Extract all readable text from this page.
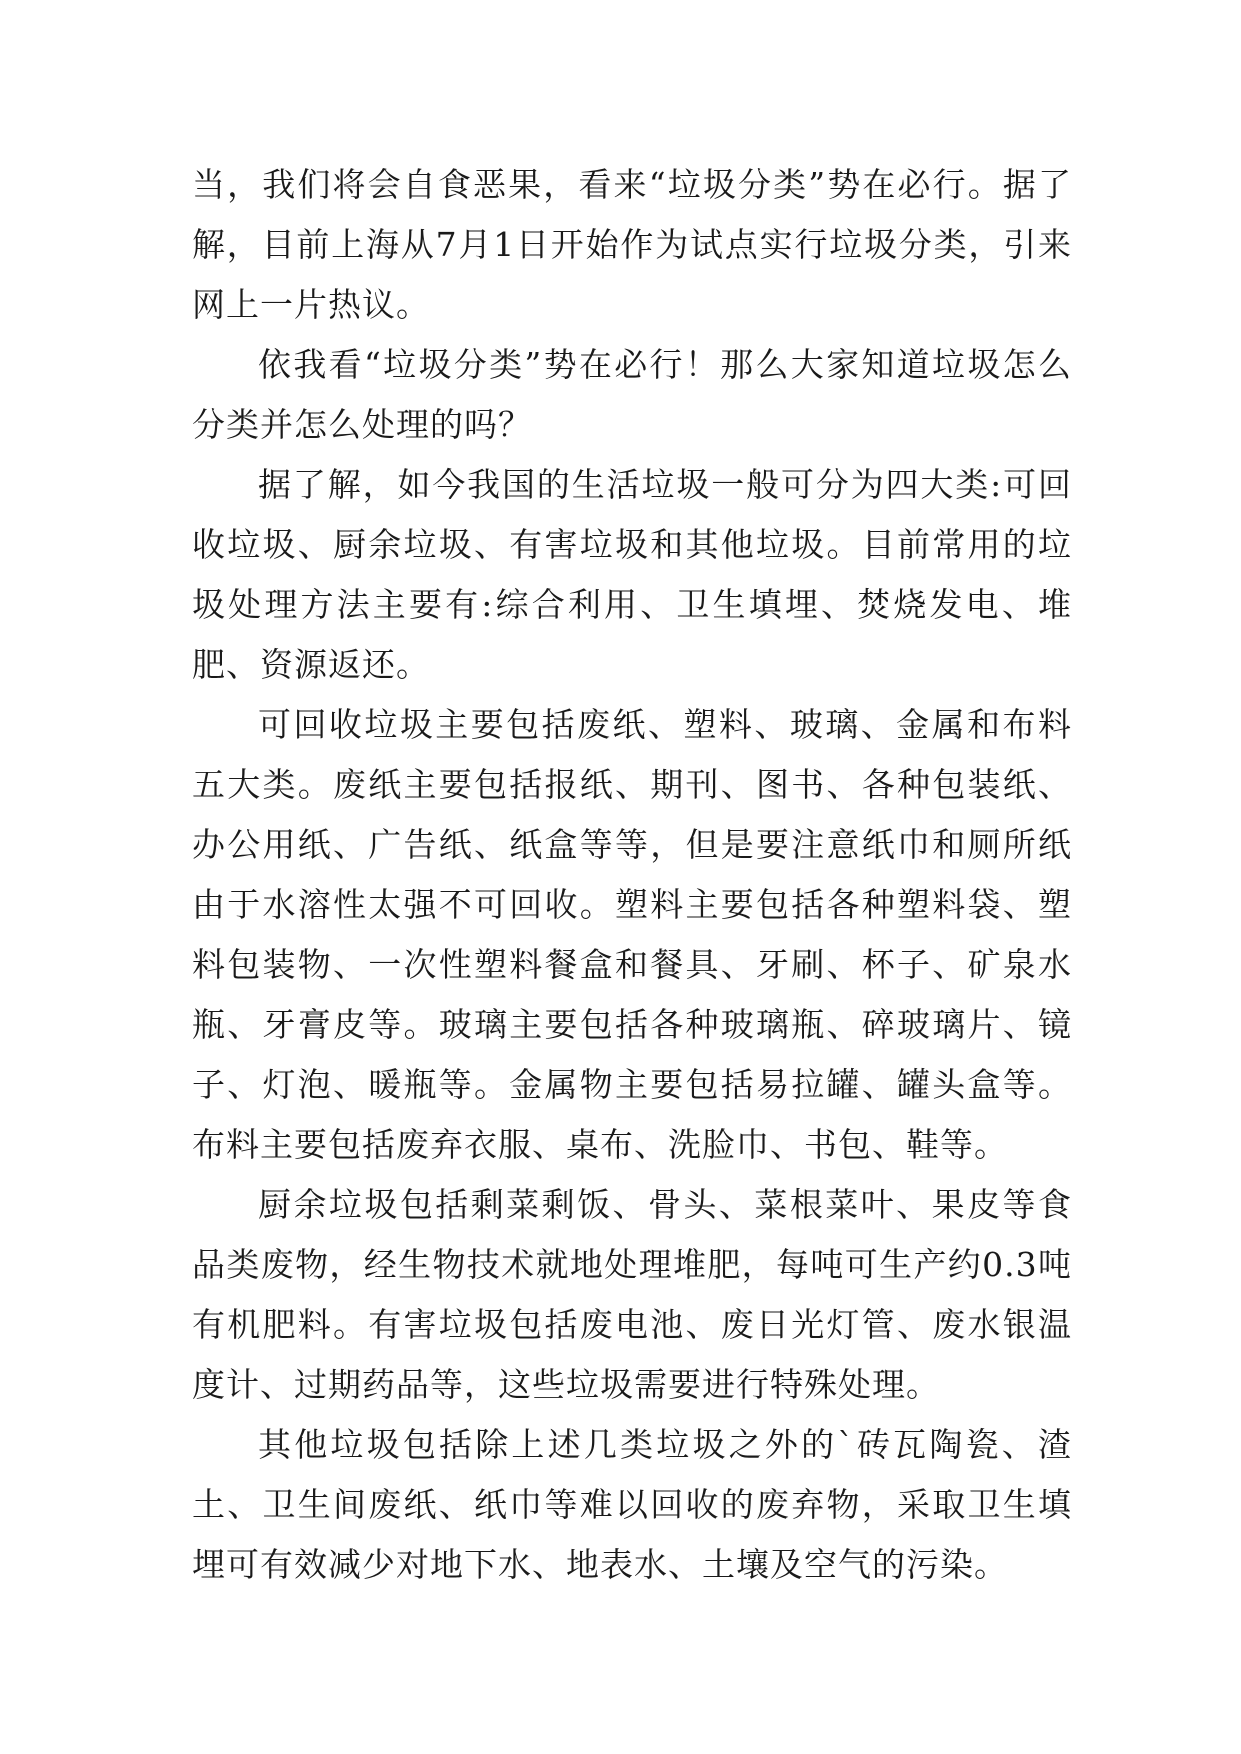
当，我们将会自食恶果，看来“垃圾分类”势在必行。据了解，目前上海从7月1日开始作为试点实行垃圾分类，引来网上一片热议。

依我看“垃圾分类”势在必行！那么大家知道垃圾怎么分类并怎么处理的吗？

据了解，如今我国的生活垃圾一般可分为四大类:可回收垃圾、厨余垃圾、有害垃圾和其他垃圾。目前常用的垃圾处理方法主要有:综合利用、卫生填埋、焚烧发电、堆肥、资源返还。

可回收垃圾主要包括废纸、塑料、玻璃、金属和布料五大类。废纸主要包括报纸、期刊、图书、各种包装纸、办公用纸、广告纸、纸盒等等，但是要注意纸巾和厕所纸由于水溶性太强不可回收。塑料主要包括各种塑料袋、塑料包装物、一次性塑料餐盒和餐具、牙刷、杯子、矿泉水瓶、牙膏皮等。玻璃主要包括各种玻璃瓶、碎玻璃片、镜子、灯泡、暖瓶等。金属物主要包括易拉罐、罐头盒等。布料主要包括废弃衣服、桌布、洗脸巾、书包、鞋等。

厨余垃圾包括剩菜剩饭、骨头、菜根菜叶、果皮等食品类废物，经生物技术就地处理堆肥，每吨可生产约0.3吨有机肥料。有害垃圾包括废电池、废日光灯管、废水银温度计、过期药品等，这些垃圾需要进行特殊处理。

其他垃圾包括除上述几类垃圾之外的`砖瓦陶瓷、渣土、卫生间废纸、纸巾等难以回收的废弃物，采取卫生填埋可有效减少对地下水、地表水、土壤及空气的污染。
